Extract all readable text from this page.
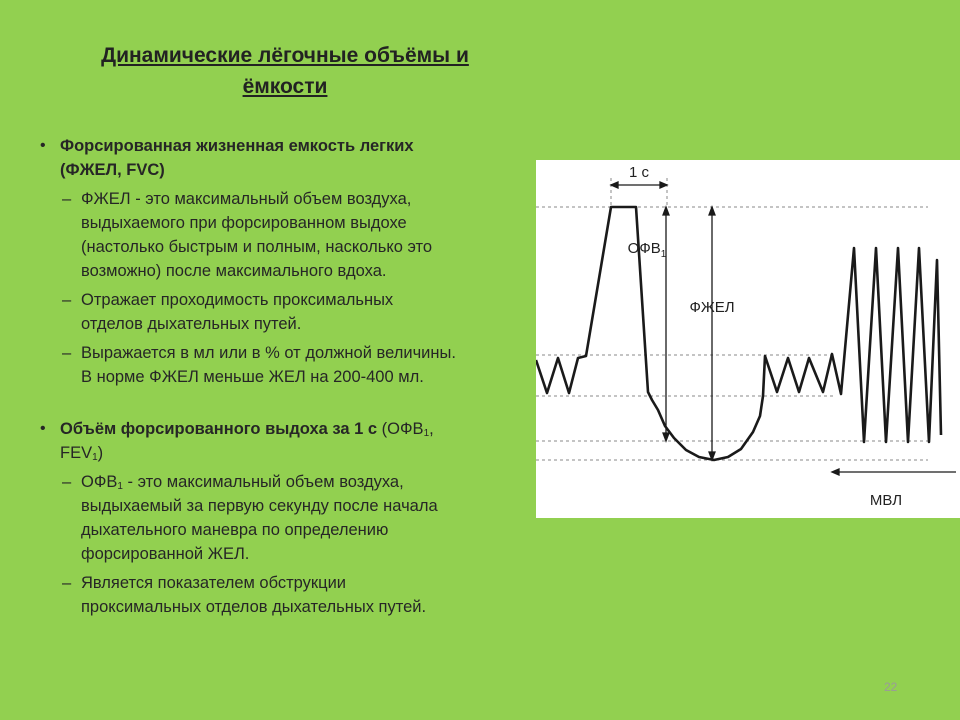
Динамические лёгочные объёмы и
ёмкости
• Форсированная жизненная емкость легких
(ФЖЕЛ, FVC)
– ФЖЕЛ - это максимальный объем воздуха,
выдыхаемого при форсированном выдохе
(настолько быстрым и полным, насколько это
возможно) после максимального вдоха.
– Отражает проходимость проксимальных
отделов дыхательных путей.
– Выражается в мл или в % от должной величины.
В норме ФЖЕЛ меньше ЖЕЛ на 200-400 мл.
• Объём форсированного выдоха за 1 с ($ОФВ_1$,
$FEV_1$)
– $ОФВ_1$ - это максимальный объем воздуха,
выдыхаемый за первую секунду после начала
дыхательного маневра по определению
форсированной ЖЕЛ.
– Является показателем обструкции
проксимальных отделов дыхательных путей.
1 с
$ОФВ_1$
ФЖЕЛ
МВЛ
22
